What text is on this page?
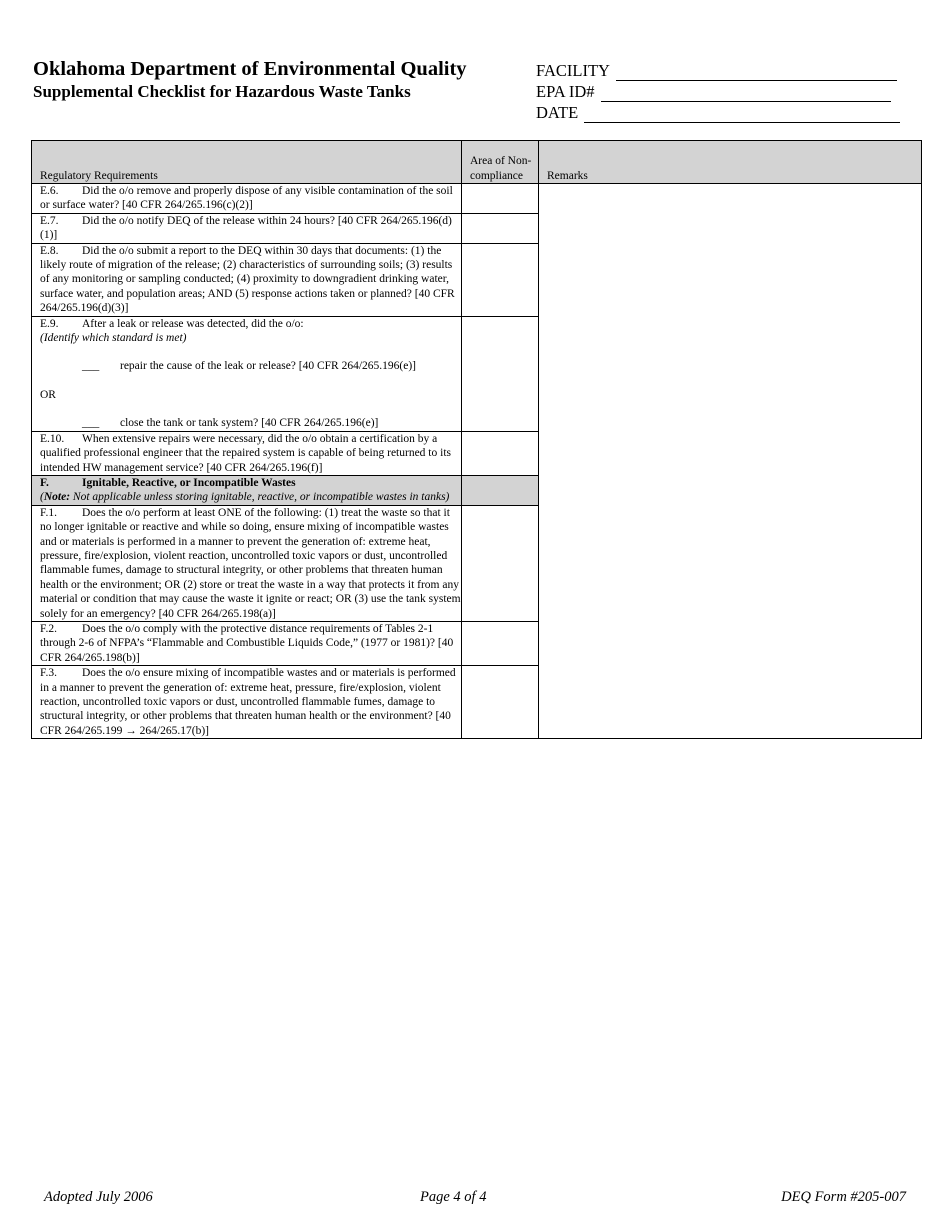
Oklahoma Department of Environmental Quality
Supplemental Checklist for Hazardous Waste Tanks
FACILITY
EPA ID#
DATE
Regulatory Requirements	Area of Non-compliance	Remarks
E.6. Did the o/o remove and properly dispose of any visible contamination of the soil or surface water? [40 CFR 264/265.196(c)(2)]		
E.7. Did the o/o notify DEQ of the release within 24 hours? [40 CFR 264/265.196(d)(1)]		
E.8. Did the o/o submit a report to the DEQ within 30 days that documents: (1) the likely route of migration of the release; (2) characteristics of surrounding soils; (3) results of any monitoring or sampling conducted; (4) proximity to downgradient drinking water, surface water, and population areas; AND (5) response actions taken or planned? [40 CFR 264/265.196(d)(3)]		

E.9. After a leak or release was detected, did the o/o:
(Identify which standard is met)
___ repair the cause of the leak or release? [40 CFR 264/265.196(e)]
OR
___ close the tank or tank system? [40 CFR 264/265.196(e)]		

E.10. When extensive repairs were necessary, did the o/o obtain a certification by a qualified professional engineer that the repaired system is capable of being returned to its intended HW management service? [40 CFR 264/265.196(f)]		

F. Ignitable, Reactive, or Incompatible Wastes
(Note: Not applicable unless storing ignitable, reactive, or incompatible wastes in tanks)		

F.1. Does the o/o perform at least ONE of the following: (1) treat the waste so that it no longer ignitable or reactive and while so doing, ensure mixing of incompatible wastes and or materials is performed in a manner to prevent the generation of: extreme heat, pressure, fire/explosion, violent reaction, uncontrolled toxic vapors or dust, uncontrolled flammable fumes, damage to structural integrity, or other problems that threaten human health or the environment; OR (2) store or treat the waste in a way that protects it from any material or condition that may cause the waste it ignite or react; OR (3) use the tank system solely for an emergency? [40 CFR 264/265.198(a)]		
F.2. Does the o/o comply with the protective distance requirements of Tables 2-1 through 2-6 of NFPA’s “Flammable and Combustible Liquids Code,” (1977 or 1981)? [40 CFR 264/265.198(b)]		
F.3. Does the o/o ensure mixing of incompatible wastes and or materials is performed in a manner to prevent the generation of: extreme heat, pressure, fire/explosion, violent reaction, uncontrolled toxic vapors or dust, uncontrolled flammable fumes, damage to structural integrity, or other problems that threaten human health or the environment? [40 CFR 264/265.199 → 264/265.17(b)]		
Adopted July 2006	Page 4 of 4	DEQ Form #205-007
